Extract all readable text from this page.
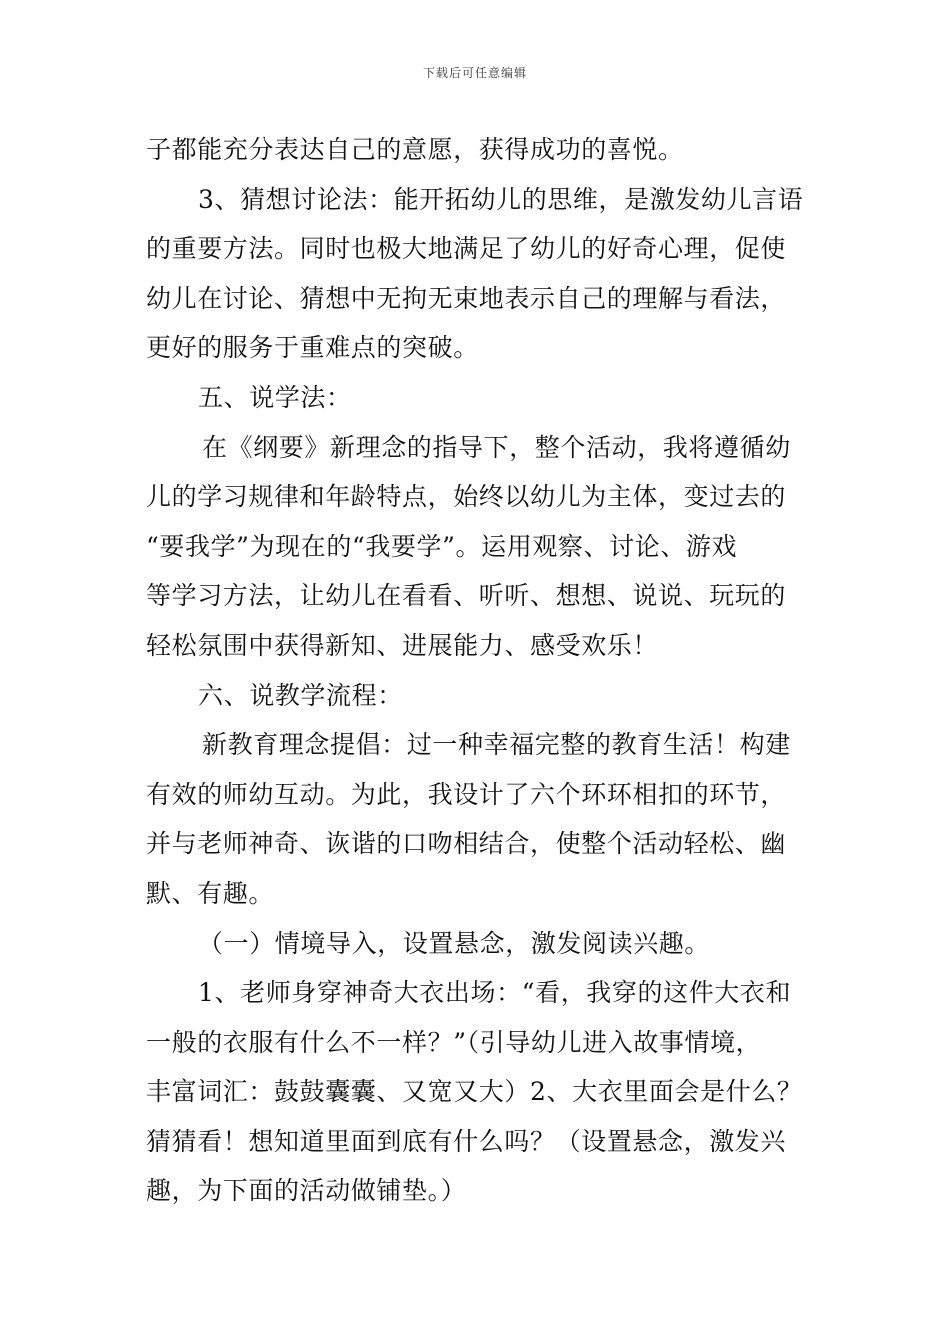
下载后可任意编辑
子都能充分表达自己的意愿，获得成功的喜悦。
3、猜想讨论法：能开拓幼儿的思维，是激发幼儿言语
的重要方法。同时也极大地满足了幼儿的好奇心理，促使
幼儿在讨论、猜想中无拘无束地表示自己的理解与看法，
更好的服务于重难点的突破。
五、说学法：
在《纲要》新理念的指导下，整个活动，我将遵循幼
儿的学习规律和年龄特点，始终以幼儿为主体，变过去的
“要我学”为现在的“我要学”。运用观察、讨论、游戏
等学习方法，让幼儿在看看、听听、想想、说说、玩玩的
轻松氛围中获得新知、进展能力、感受欢乐！
六、说教学流程：
新教育理念提倡：过一种幸福完整的教育生活！构建
有效的师幼互动。为此，我设计了六个环环相扣的环节，
并与老师神奇、诙谐的口吻相结合，使整个活动轻松、幽
默、有趣。
（一）情境导入，设置悬念，激发阅读兴趣。
1、老师身穿神奇大衣出场：“看，我穿的这件大衣和
一般的衣服有什么不一样？”（引导幼儿进入故事情境，
丰富词汇：鼓鼓囊囊、又宽又大）2、大衣里面会是什么？
猜猜看！想知道里面到底有什么吗？（设置悬念，激发兴
趣，为下面的活动做铺垫。）
